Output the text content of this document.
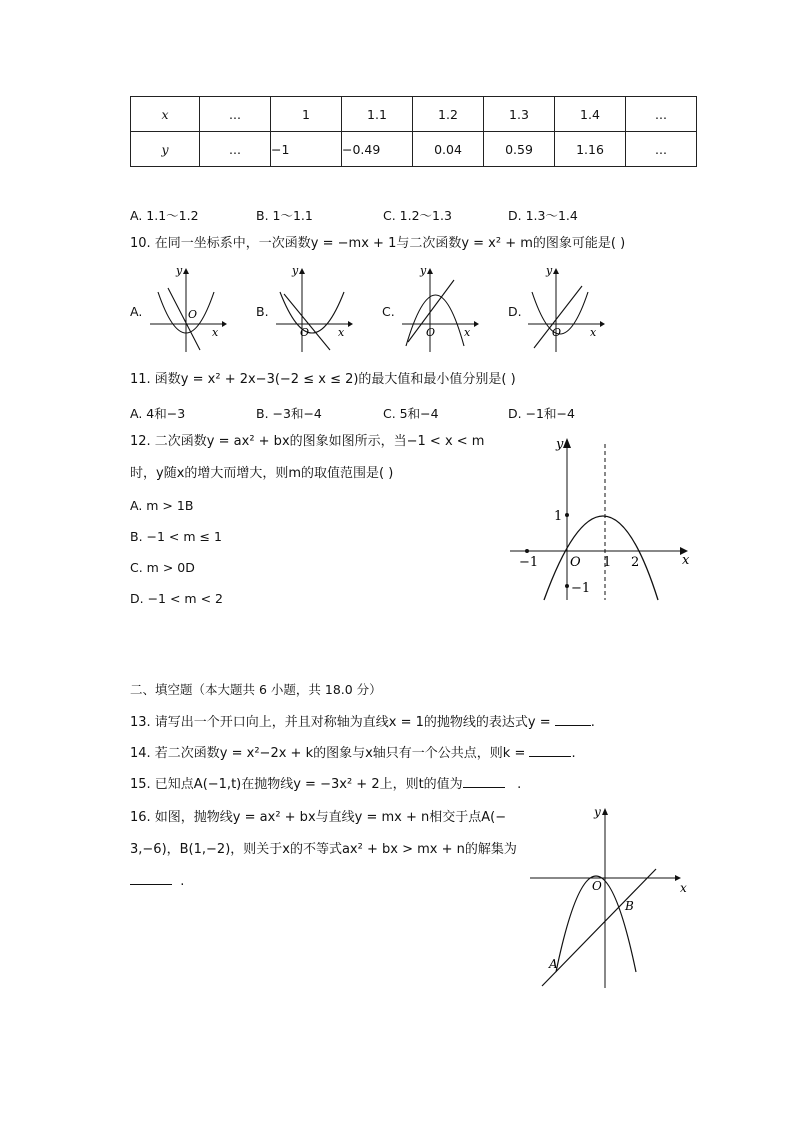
x	...	1	1.1	1.2	1.3	1.4	...
y	...	−1	−0.49	0.04	0.59	1.16	...
A. 1.1～1.2	B. 1～1.1	C. 1.2～1.3	D. 1.3～1.4
10. 在同一坐标系中，一次函数y = −mx + 1与二次函数y = x² + m的图象可能是( )
A.
y
x
O	B.
y
x
O
C.
y
x
O
D.
y
x
O
11. 函数y = x² + 2x−3(−2 ≤ x ≤ 2)的最大值和最小值分别是( )
A. 4和−3	B. −3和−4	C. 5和−4	D. −1和−4
12. 二次函数y = ax² + bx的图象如图所示，当−1 < x < m
时，y随x的增大而增大，则m的取值范围是( )
A. m > 1B
B. −1 < m ≤ 1
C. m > 0D
D. −1 < m < 2
y
x
O
−1	1 2
1
−1
二、填空题（本大题共 6 小题，共 18.0 分）
13. 请写出一个开口向上，并且对称轴为直线x = 1的抛物线的表达式y =	.
14. 若二次函数y = x²−2x + k的图象与x轴只有一个公共点，则k =	.
15. 已知点A(−1,t)在抛物线y = −3x² + 2上，则t的值为	.
16. 如图，抛物线y = ax² + bx与直线y = mx + n相交于点A(−
3,−6)，B(1,−2)，则关于x的不等式ax² + bx > mx + n的解集为
.
y
x
O
B
A
